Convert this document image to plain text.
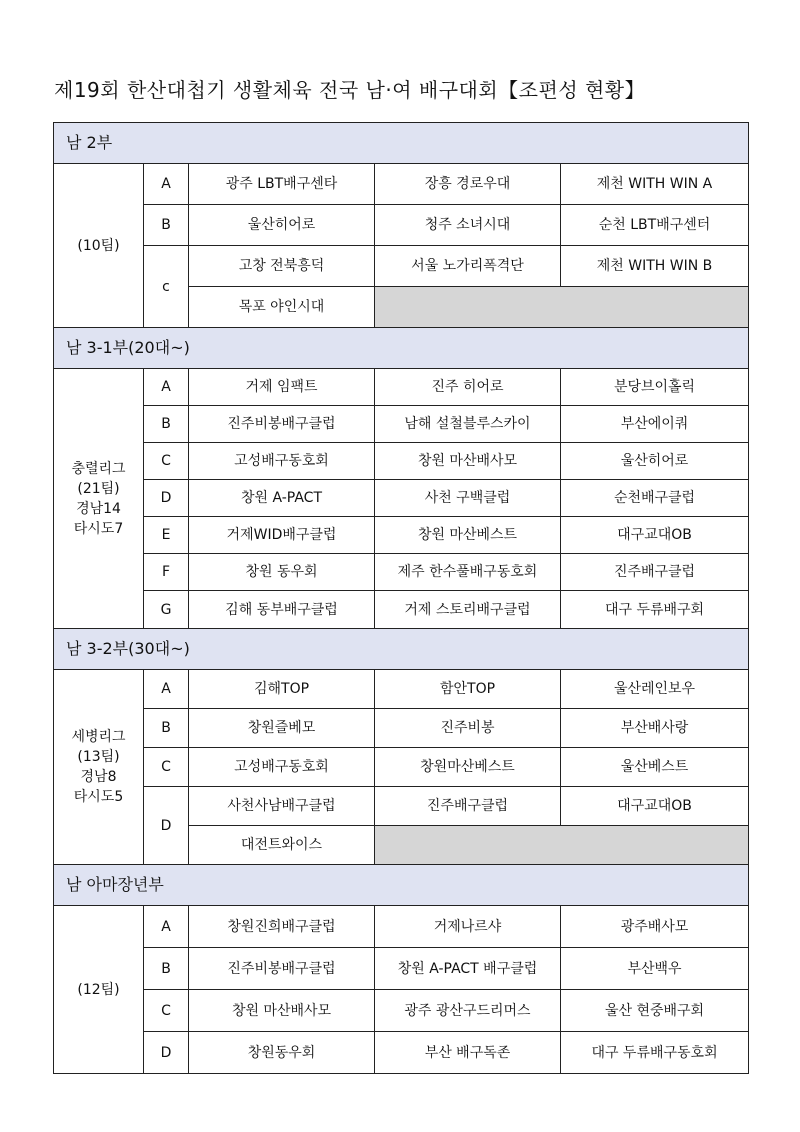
제19회 한산대첩기 생활체육 전국 남·여 배구대회【조편성 현황】
남 2부				

(10팀)	A	광주 LBT배구센타	장흥 경로우대	제천 WITH WIN A
	B	울산히어로	청주 소녀시대	순천 LBT배구센터
	c	고창 전북흥덕	서울 노가리폭격단	제천 WITH WIN B
		목포 야인시대		
남 3-1부(20대~)				

충렬리그
(21팀)
경남14
타시도7	A	거제 임팩트	진주 히어로	분당브이홀릭
	B	진주비봉배구클럽	남해 설철블루스카이	부산에이쿼
	C	고성배구동호회	창원 마산배사모	울산히어로
	D	창원 A-PACT	사천 구백클럽	순천배구클럽
	E	거제WID배구클럽	창원 마산베스트	대구교대OB
	F	창원 동우회	제주 한수풀배구동호회	진주배구클럽
	G	김해 동부배구클럽	거제 스토리배구클럽	대구 두류배구회
남 3-2부(30대~)				

세병리그
(13팀)
경남8
타시도5	A	김해TOP	함안TOP	울산레인보우
	B	창원즐베모	진주비봉	부산배사랑
	C	고성배구동호회	창원마산베스트	울산베스트
	D	사천사남배구클럽	진주배구클럽	대구교대OB
		대전트와이스		
남 아마장년부				

(12팀)	A	창원진희배구클럽	거제나르샤	광주배사모
	B	진주비봉배구클럽	창원 A-PACT 배구클럽	부산백우
	C	창원 마산배사모	광주 광산구드리머스	울산 현중배구회
	D	창원동우회	부산 배구독존	대구 두류배구동호회
